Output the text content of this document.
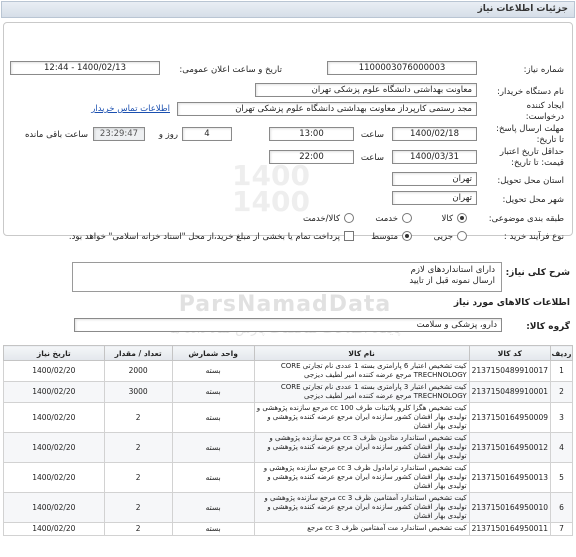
جزئیات اطلاعات نیاز
1400
1400
شماره نیاز:
1100003076000003
تاریخ و ساعت اعلان عمومی:
1400/02/13 - 12:44
نام دستگاه خریدار:
معاونت بهداشتی دانشگاه علوم پزشکی تهران
ایجاد کننده
درخواست:
مجد رستمی کارپرداز معاونت بهداشتی دانشگاه علوم پزشکی تهران
اطلاعات تماس خریدار
مهلت ارسال پاسخ:
تا تاریخ:
1400/02/18
ساعت
13:00
4
روز و
23:29:47
ساعت باقی مانده
حداقل تاریخ اعتبار
قیمت: تا تاریخ:
1400/03/31
ساعت
22:00
استان محل تحویل:
تهران
شهر محل تحویل:
تهران
طبقه بندی موضوعی:
کالا
خدمت
کالا/خدمت
نوع فرآیند خرید :
جزیی
متوسط
پرداخت تمام یا بخشی از مبلغ خرید،از محل "اسناد خزانه اسلامی" خواهد بود.
شرح کلی نیاز:
دارای استانداردهای لازم
ارسال نمونه قبل از تایید
ParsNamadData	اطلاعات کالاهای مورد نیاز
گروه کالا:
دارو، پزشکی و سلامت
ردیف	کد کالا	نام کالا	واحد شمارش	تعداد / مقدار	تاریخ نیاز
1	2137150489910017	کیت تشخیص اعتبار 6 پارامتری بسته 1 عددی نام تجارتی CORE TRECHNOLOGY مرجع عرضه کننده امیر لطیف دیزجی	بسته	2000	1400/02/20
2	2137150489910001	کیت تشخیص اعتبار 3 پارامتری بسته 1 عددی نام تجارتی CORE TRECHNOLOGY مرجع عرضه کننده امیر لطیف دیزجی	بسته	3000	1400/02/20
3	2137150164950009	کیت تشخیص هگزا کلرو پلاتینات طرف cc 100 مرجع سازنده پژوهشی و تولیدی بهار افشان کشور سازنده ایران مرجع عرضه کننده پژوهشی و تولیدی بهار افشان	بسته	2	1400/02/20
4	2137150164950012	کیت تشخیص استاندارد متادون ظرف cc 3 مرجع سازنده پژوهشی و تولیدی بهار افشان کشور سازنده ایران مرجع عرضه کننده پژوهشی و تولیدی بهار افشان	بسته	2	1400/02/20
5	2137150164950013	کیت تشخیص استاندارد ترامادول ظرف cc 3 مرجع سازنده پژوهشی و تولیدی بهار افشان کشور سازنده ایران مرجع عرضه کننده پژوهشی و تولیدی بهار افشان	بسته	2	1400/02/20
6	2137150164950010	کیت تشخیص استاندارد آمفتامین ظرف cc 3 مرجع سازنده پژوهشی و تولیدی بهار افشان کشور سازنده ایران مرجع عرضه کننده پژوهشی و تولیدی بهار افشان	بسته	2	1400/02/20
7	2137150164950011	کیت تشخیص استاندارد مت آمفتامین ظرف cc 3 مرجع	بسته	2	1400/02/20
